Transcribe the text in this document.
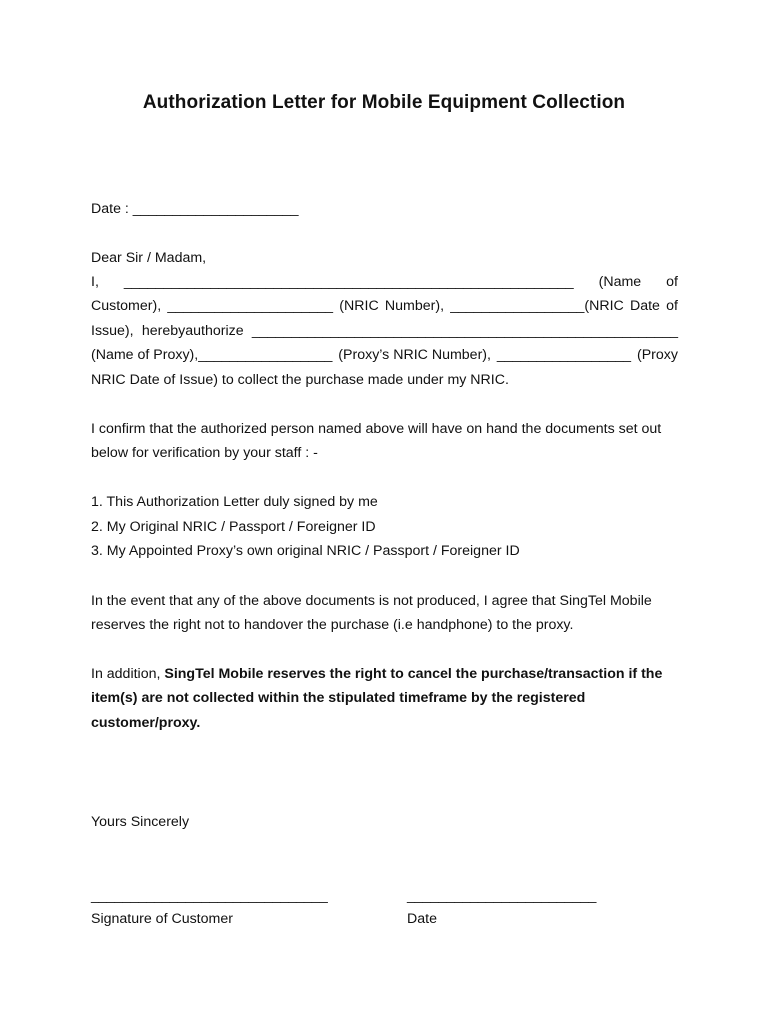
Authorization Letter for Mobile Equipment Collection
Date : _____________________
Dear Sir / Madam,
I, _________________________________________________________ (Name of
Customer), _____________________ (NRIC Number), _________________(NRIC Date of
Issue), herebyauthorize ______________________________________________________
(Name of Proxy),_________________ (Proxy’s NRIC Number), _________________ (Proxy
NRIC Date of Issue) to collect the purchase made under my NRIC.
I confirm that the authorized person named above will have on hand the documents set out
below for verification by your staff : -
1. This Authorization Letter duly signed by me
2. My Original NRIC / Passport / Foreigner ID
3. My Appointed Proxy’s own original NRIC / Passport / Foreigner ID
In the event that any of the above documents is not produced, I agree that SingTel Mobile
reserves the right not to handover the purchase (i.e handphone) to the proxy.
In addition, SingTel Mobile reserves the right to cancel the purchase/transaction if the
item(s) are not collected within the stipulated timeframe by the registered
customer/proxy.
Yours Sincerely
______________________________
Signature of Customer
________________________
Date
